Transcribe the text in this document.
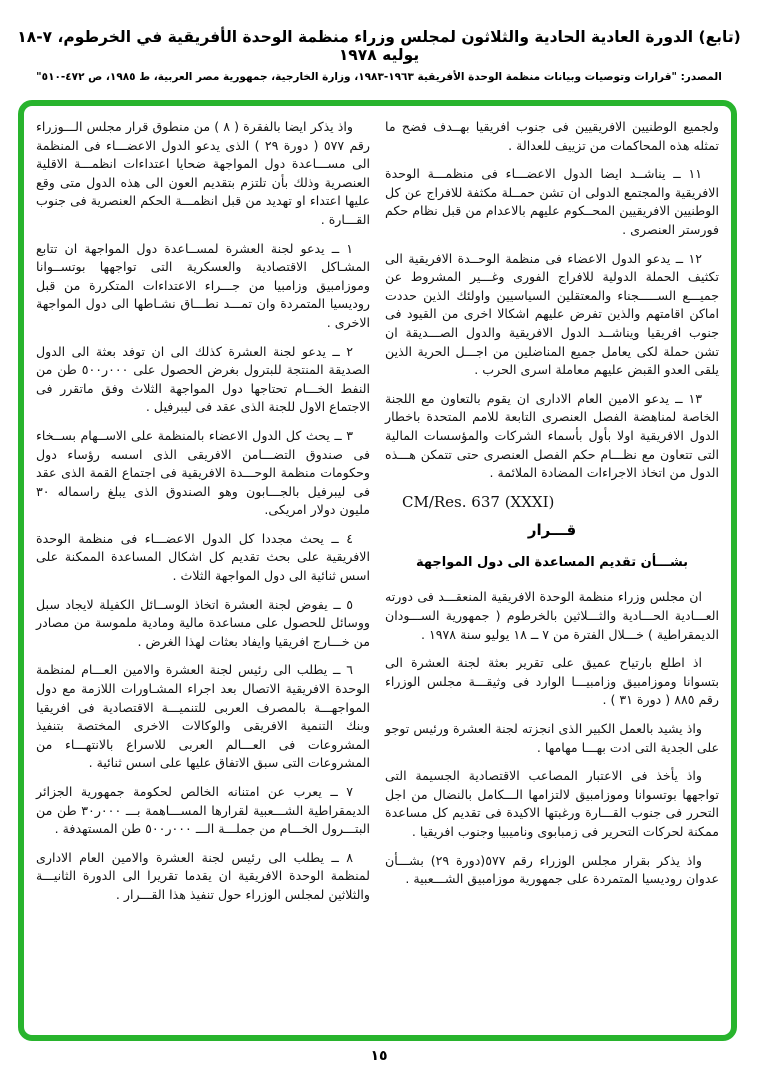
(تابع) الدورة العادية الحادية والثلاثون لمجلس وزراء منظمة الوحدة الأفريقية في الخرطوم، ٧-١٨ يوليه ١٩٧٨
المصدر: "قرارات وتوصيات وبيانات منظمة الوحدة الأفريقية ١٩٦٣-١٩٨٣، وزارة الخارجية، جمهورية مصر العربية، ط ١٩٨٥، ص ٤٧٢-٥١٠"

ولجميع الوطنيين الافريقيين فى جنوب افريقيا بهــدف فضح ما تمثله هذه المحاكمات من تزييف للعدالة .

١١ ــ يناشــد ايضا الدول الاعضـــاء فى منظمـــة الوحدة الافريقية والمجتمع الدولى ان تشن حمــلة مكثفة للافراج عن كل الوطنيين الافريقيين المحــكوم عليهم بالاعدام من قبل نظام حكم فورستر العنصرى .

١٢ ــ يدعو الدول الاعضاء فى منظمة الوحــدة الافريقية الى تكثيف الحملة الدولية للافراج الفورى وغـــير المشروط عن جميـــع الســـــجناء والمعتقلين السياسيين واولئك الذين حددت اماكن اقامتهم والذين تفرض عليهم اشكالا اخرى من القيود فى جنوب افريقيا ويناشــد الدول الافريقية والدول الصـــديقة ان تشن حملة لكى يعامل جميع المناضلين من اجـــل الحرية الذين يلقى العدو القبض عليهم معاملة اسرى الحرب .

١٣ ــ يدعو الامين العام الادارى ان يقوم بالتعاون مع اللجنة الخاصة لمناهضة الفصل العنصرى التابعة للامم المتحدة باخطار الدول الافريقية اولا بأول بأسماء الشركات والمؤسسات المالية التى تتعاون مع نظـــام حكم الفصل العنصرى حتى تتمكن هـــذه الدول من اتخاذ الاجراءات المضادة الملائمة .

CM/Res. 637 (XXXI)

قـــرار
بشـــأن تقديم المساعدة الى دول المواجهة

ان مجلس وزراء منظمة الوحدة الافريقية المنعقـــد فى دورته العـــادية الحـــادية والثـــلاثين بالخرطوم ( جمهورية الســـودان الديمقراطية ) خـــلال الفترة من ٧ ــ ١٨ يوليو سنة ١٩٧٨ .

اذ اطلع بارتياح عميق على تقرير بعثة لجنة العشرة الى بتسوانا وموزامبيق وزامبيـــا الوارد فى وثيقـــة مجلس الوزراء رقم ٨٨٥ ( دورة ٣١ ) .

واذ يشيد بالعمل الكبير الذى انجزته لجنة العشرة ورئيس توجو على الجدية التى ادت بهـــا مهامها .

واذ يأخذ فى الاعتبار المصاعب الاقتصادية الجسيمة التى تواجهها بوتسوانا وموزامبيق لالتزامها الـــكامل بالنضال من اجل التحرر فى جنوب القـــارة ورغبتها الاكيدة فى تقديم كل مساعدة ممكنة لحركات التحرير فى زمبابوى وناميبيا وجنوب افريقيا .

واذ يذكر بقرار مجلس الوزراء رقم ٥٧٧(دورة ٢٩) بشـــأن عدوان روديسيا المتمردة على جمهورية موزامبيق الشـــعبية .

واذ يذكر ايضا بالفقرة ( ٨ ) من منطوق قرار مجلس الـــوزراء رقم ٥٧٧ ( دورة ٢٩ ) الذى يدعو الدول الاعضـــاء فى المنظمة الى مســـاعدة دول المواجهة ضحايا اعتداءات انظمـــة الاقلية العنصرية وذلك بأن تلتزم بتقديم العون الى هذه الدول متى وقع عليها اعتداء او تهديد من قبل انظمـــة الحكم العنصرية فى جنوب القـــارة .

١ ــ يدعو لجنة العشرة لمســاعدة دول المواجهة ان تتابع المشـاكل الاقتصادية والعسكرية التى تواجهها بوتســوانا وموزامبيق وزامبيا من جـــراء الاعتداءات المتكررة من قبل روديسيا المتمردة وان تمـــد نطـــاق نشـاطها الى دول المواجهة الاخرى .

٢ ــ يدعو لجنة العشرة كذلك الى ان توفد بعثة الى الدول الصديقة المنتجة للبترول بغرض الحصول على ٠٠٠ر٥٠٠ طن من النفط الخـــام تحتاجها دول المواجهة الثلاث وفق ماتقرر فى الاجتماع الاول للجنة الذى عقد فى ليبرفيل .

٣ ــ يحث كل الدول الاعضاء بالمنظمة على الاســهام بســخاء فى صندوق التضـــامن الافريقى الذى اسسه رؤساء دول وحكومات منظمة الوحـــدة الافريقية فى اجتماع القمة الذى عقد فى ليبرفيل بالجـــابون وهو الصندوق الذى يبلغ راسماله ٣٠ مليون دولار امريكى.

٤ ــ يحث مجددا كل الدول الاعضـــاء فى منظمة الوحدة الافريقية على بحث تقديم كل اشكال المساعدة الممكنة على اسس ثنائية الى دول المواجهة الثلاث .

٥ ــ يفوض لجنة العشرة اتخاذ الوســائل الكفيلة لايجاد سبل ووسائل للحصول على مساعدة مالية ومادية ملموسة من مصادر من خـــارج افريقيا وايفاد بعثات لهذا الغرض .

٦ ــ يطلب الى رئيس لجنة العشرة والامين العـــام لمنظمة الوحدة الافريقية الاتصال بعد اجراء المشـاورات اللازمة مع دول المواجهـــة بالمصرف العربى للتنميـــة الاقتصادية فى افريقيا وبنك التنمية الافريقى والوكالات الاخرى المختصة بتنفيذ المشروعات فى العـــالم العربى للاسراع بالانتهـــاء من المشروعات التى سبق الاتفاق عليها على اسس ثنائية .

٧ ــ يعرب عن امتنانه الخالص لحكومة جمهورية الجزائر الديمقراطية الشـــعبية لقرارها المســـاهمة بـــ ٠٠٠ر٣٠ طن من البتـــرول الخـــام من جملـــة الـــ ٠٠٠ر٥٠٠ طن المستهدفة .

٨ ــ يطلب الى رئيس لجنة العشرة والامين العام الادارى لمنظمة الوحدة الافريقية ان يقدما تقريرا الى الدورة الثانيـــة والثلاثين لمجلس الوزراء حول تنفيذ هذا القـــرار .

١٥
